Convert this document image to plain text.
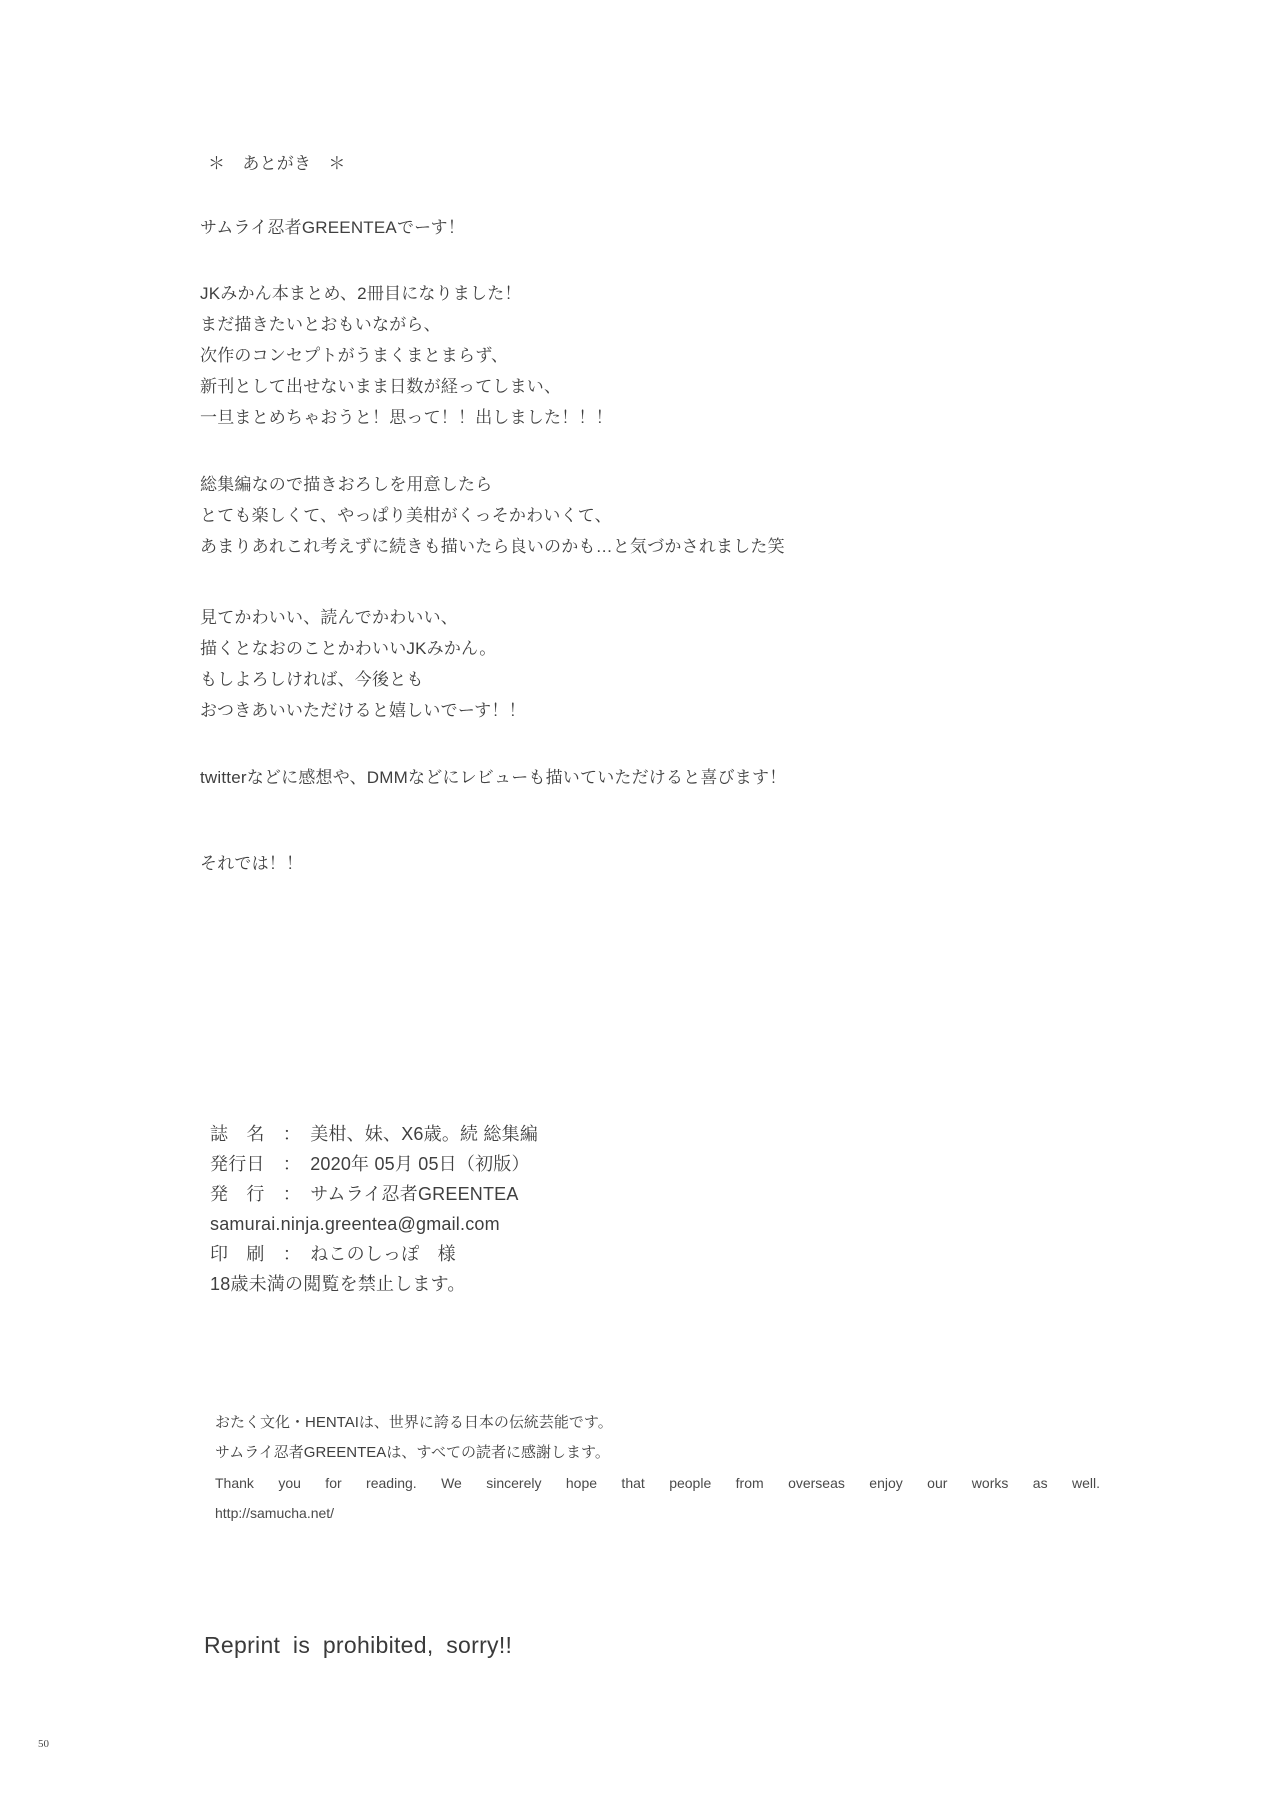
＊　あとがき　＊
サムライ忍者GREENTEAでーす！
JKみかん本まとめ、2冊目になりました！
まだ描きたいとおもいながら、
次作のコンセプトがうまくまとまらず、
新刊として出せないまま日数が経ってしまい、
一旦まとめちゃおうと！思って！！出しました！！！
総集編なので描きおろしを用意したら
とても楽しくて、やっぱり美柑がくっそかわいくて、
あまりあれこれ考えずに続きも描いたら良いのかも…と気づかされました笑
見てかわいい、読んでかわいい、
描くとなおのことかわいいJKみかん。
もしよろしければ、今後とも
おつきあいいただけると嬉しいでーす！！
twitterなどに感想や、DMMなどにレビューも描いていただけると喜びます！
それでは！！
誌　名　：　美柑、妹、X6歳。続 総集編
発行日　：　2020年 05月 05日（初版）
発　行　：　サムライ忍者GREENTEA
samurai.ninja.greentea@gmail.com
印　刷　：　ねこのしっぽ　様
18歳未満の閲覧を禁止します。
おたく文化・HENTAIは、世界に誇る日本の伝統芸能です。
サムライ忍者GREENTEAは、すべての読者に感謝します。
Thank you for reading. We sincerely hope that people from overseas enjoy our works as well.
http://samucha.net/
Reprint is prohibited, sorry!!
50
